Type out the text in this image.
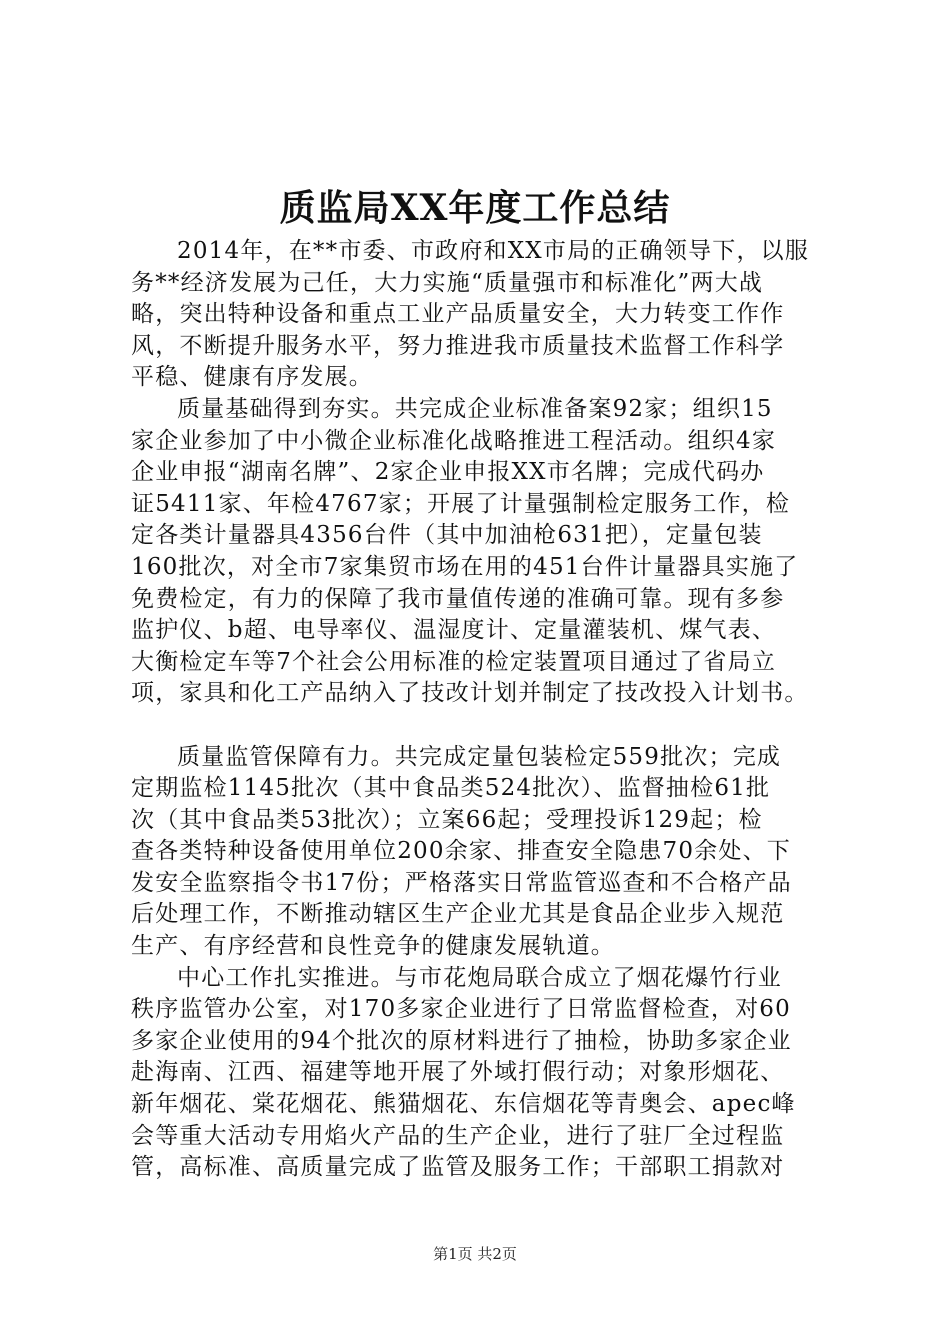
质监局XX年度工作总结
2014年，在**市委、市政府和XX市局的正确领导下，以服
务**经济发展为己任，大力实施“质量强市和标准化”两大战
略，突出特种设备和重点工业产品质量安全，大力转变工作作
风，不断提升服务水平，努力推进我市质量技术监督工作科学
平稳、健康有序发展。
质量基础得到夯实。共完成企业标准备案92家；组织15
家企业参加了中小微企业标准化战略推进工程活动。组织4家
企业申报“湖南名牌”、2家企业申报XX市名牌；完成代码办
证5411家、年检4767家；开展了计量强制检定服务工作，检
定各类计量器具4356台件（其中加油枪631把），定量包装
160批次，对全市7家集贸市场在用的451台件计量器具实施了
免费检定，有力的保障了我市量值传递的准确可靠。现有多参
监护仪、b超、电导率仪、温湿度计、定量灌装机、煤气表、
大衡检定车等7个社会公用标准的检定装置项目通过了省局立
项，家具和化工产品纳入了技改计划并制定了技改投入计划书。
质量监管保障有力。共完成定量包装检定559批次；完成
定期监检1145批次（其中食品类524批次）、监督抽检61批
次（其中食品类53批次）；立案66起；受理投诉129起；检
查各类特种设备使用单位200余家、排查安全隐患70余处、下
发安全监察指令书17份；严格落实日常监管巡查和不合格产品
后处理工作，不断推动辖区生产企业尤其是食品企业步入规范
生产、有序经营和良性竞争的健康发展轨道。
中心工作扎实推进。与市花炮局联合成立了烟花爆竹行业
秩序监管办公室，对170多家企业进行了日常监督检查，对60
多家企业使用的94个批次的原材料进行了抽检，协助多家企业
赴海南、江西、福建等地开展了外域打假行动；对象形烟花、
新年烟花、棠花烟花、熊猫烟花、东信烟花等青奥会、apec峰
会等重大活动专用焰火产品的生产企业，进行了驻厂全过程监
管，高标准、高质量完成了监管及服务工作；干部职工捐款对
第1页 共2页
